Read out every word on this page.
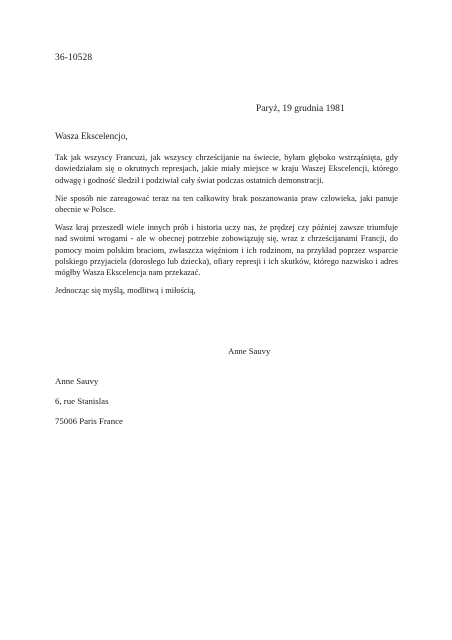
36-10528
Paryż, 19 grudnia 1981

Wasza Ekscelencjo,

Tak jak wszyscy Francuzi, jak wszyscy chrześcijanie na świecie, byłam głęboko wstrząśnięta, gdy dowiedziałam się o okrutnych represjach, jakie miały miejsce w kraju Waszej Ekscelencji, którego odwagę i godność śledził i podziwiał cały świat podczas ostatnich demonstracji.

Nie sposób nie zareagować teraz na ten całkowity brak poszanowania praw człowieka, jaki panuje obecnie w Polsce.

Wasz kraj przeszedł wiele innych prób i historia uczy nas, że prędzej czy później zawsze triumfuje nad swoimi wrogami - ale w obecnej potrzebie zobowiązuję się, wraz z chrześcijanami Francji, do pomocy moim polskim braciom, zwłaszcza więźniom i ich rodzinom, na przykład poprzez wsparcie polskiego przyjaciela (dorosłego lub dziecka), ofiary represji i ich skutków, którego nazwisko i adres mógłby Wasza Ekscelencja nam przekazać.

Jednocząc się myślą, modlitwą i miłością,

Anne Sauvy
Anne Sauvy
6, rue Stanislas
75006 Paris France
